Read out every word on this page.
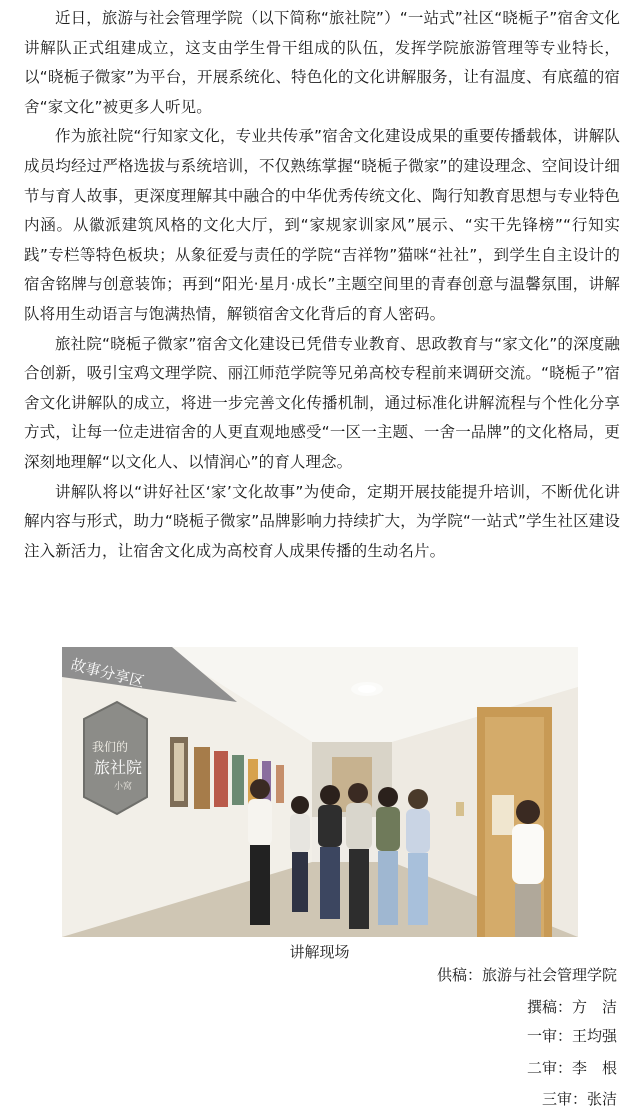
近日，旅游与社会管理学院（以下简称“旅社院”）“一站式”社区“晓栀子”宿舍文化讲解队正式组建成立，这支由学生骨干组成的队伍，发挥学院旅游管理等专业特长，以“晓栀子微家”为平台，开展系统化、特色化的文化讲解服务，让有温度、有底蕴的宿舍“家文化”被更多人听见。

作为旅社院“行知家文化，专业共传承”宿舍文化建设成果的重要传播载体，讲解队成员均经过严格选拔与系统培训，不仅熟练掌握“晓栀子微家”的建设理念、空间设计细节与育人故事，更深度理解其中融合的中华优秀传统文化、陶行知教育思想与专业特色内涵。从徽派建筑风格的文化大厅，到“家规家训家风”展示、“实干先锋榜”“行知实践”专栏等特色板块；从象征爱与责任的学院“吉祥物”猫咪“社社”，到学生自主设计的宿舍铭牌与创意装饰；再到“阳光·星月·成长”主题空间里的青春创意与温馨氛围，讲解队将用生动语言与饱满热情，解锁宿舍文化背后的育人密码。

旅社院“晓栀子微家”宿舍文化建设已凭借专业教育、思政教育与“家文化”的深度融合创新，吸引宝鸡文理学院、丽江师范学院等兄弟高校专程前来调研交流。“晓栀子”宿舍文化讲解队的成立，将进一步完善文化传播机制，通过标准化讲解流程与个性化分享方式，让每一位走进宿舍的人更直观地感受“一区一主题、一舍一品牌”的文化格局，更深刻地理解“以文化人、以情润心”的育人理念。

讲解队将以“讲好社区‘家’文化故事”为使命，定期开展技能提升培训，不断优化讲解内容与形式，助力“晓栀子微家”品牌影响力持续扩大，为学院“一站式”学生社区建设注入新活力，让宿舍文化成为高校育人成果传播的生动名片。

故事分享区
我们的
旅社院
小窝
讲解现场
供稿：旅游与社会管理学院
撰稿：方　洁
一审：王均强
二审：李　根
三审：张洁
